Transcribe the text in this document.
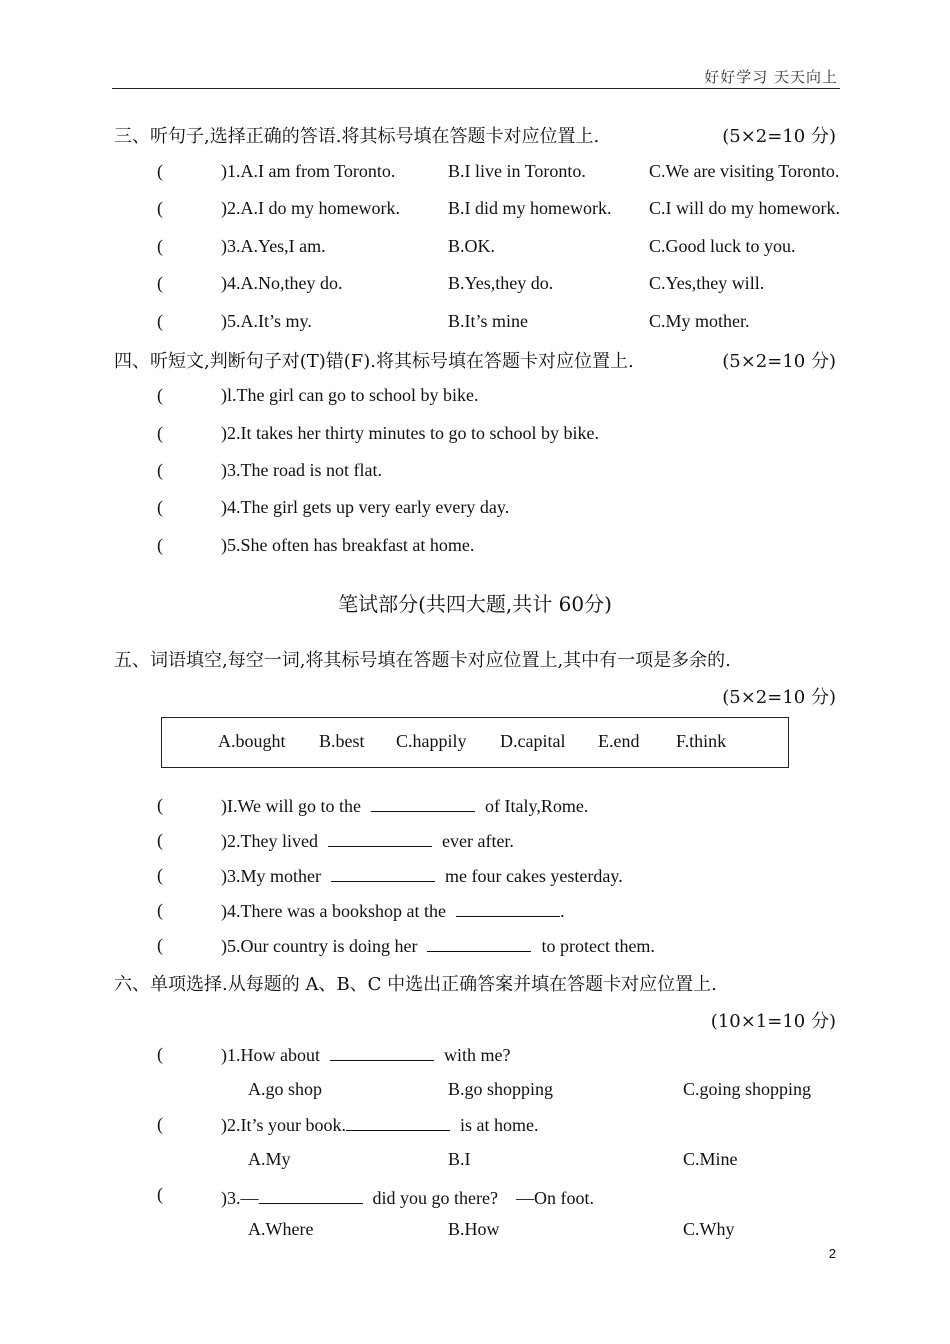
好好学习 天天向上
三、听句子,选择正确的答语.将其标号填在答题卡对应位置上.	(5×2=10 分)
(	)1.A.I am from Toronto.	B.I live in Toronto.	C.We are visiting Toronto.
(	)2.A.I do my homework.	B.I did my homework. C.I will do my homework.
(	)3.A.Yes,I am.	B.OK.	C.Good luck to you.
(	)4.A.No,they do.	B.Yes,they do.	C.Yes,they will.
(	)5.A.It’s my.	B.It’s mine	C.My mother.
四、听短文,判断句子对(T)错(F).将其标号填在答题卡对应位置上.	(5×2=10 分)
(	)l.The girl can go to school by bike.
(	)2.It takes her thirty minutes to go to school by bike.
(	)3.The road is not flat.
(	)4.The girl gets up very early every day.
(	)5.She often has breakfast at home.
笔试部分(共四大题,共计 60分)
五、词语填空,每空一词,将其标号填在答题卡对应位置上,其中有一项是多余的.
(5×2=10 分)
A.bought B.best C.happily D.capital E.end F.think
(	)I.We will go to the	of Italy,Rome.
(	)2.They lived	ever after.
(	)3.My mother	me four cakes yesterday.
(	)4.There was a bookshop at the	.
(	)5.Our country is doing her	to protect them.
六、单项选择.从每题的 A、B、C 中选出正确答案并填在答题卡对应位置上.
(10×1=10 分)
(	)1.How about	with me?
A.go shop	B.go shopping	C.going shopping
(	)2.It’s your book.	is at home.
A.My	B.I	C.Mine
(	)3.—	did you go there?　—On foot.
A.Where	B.How	C.Why
2
